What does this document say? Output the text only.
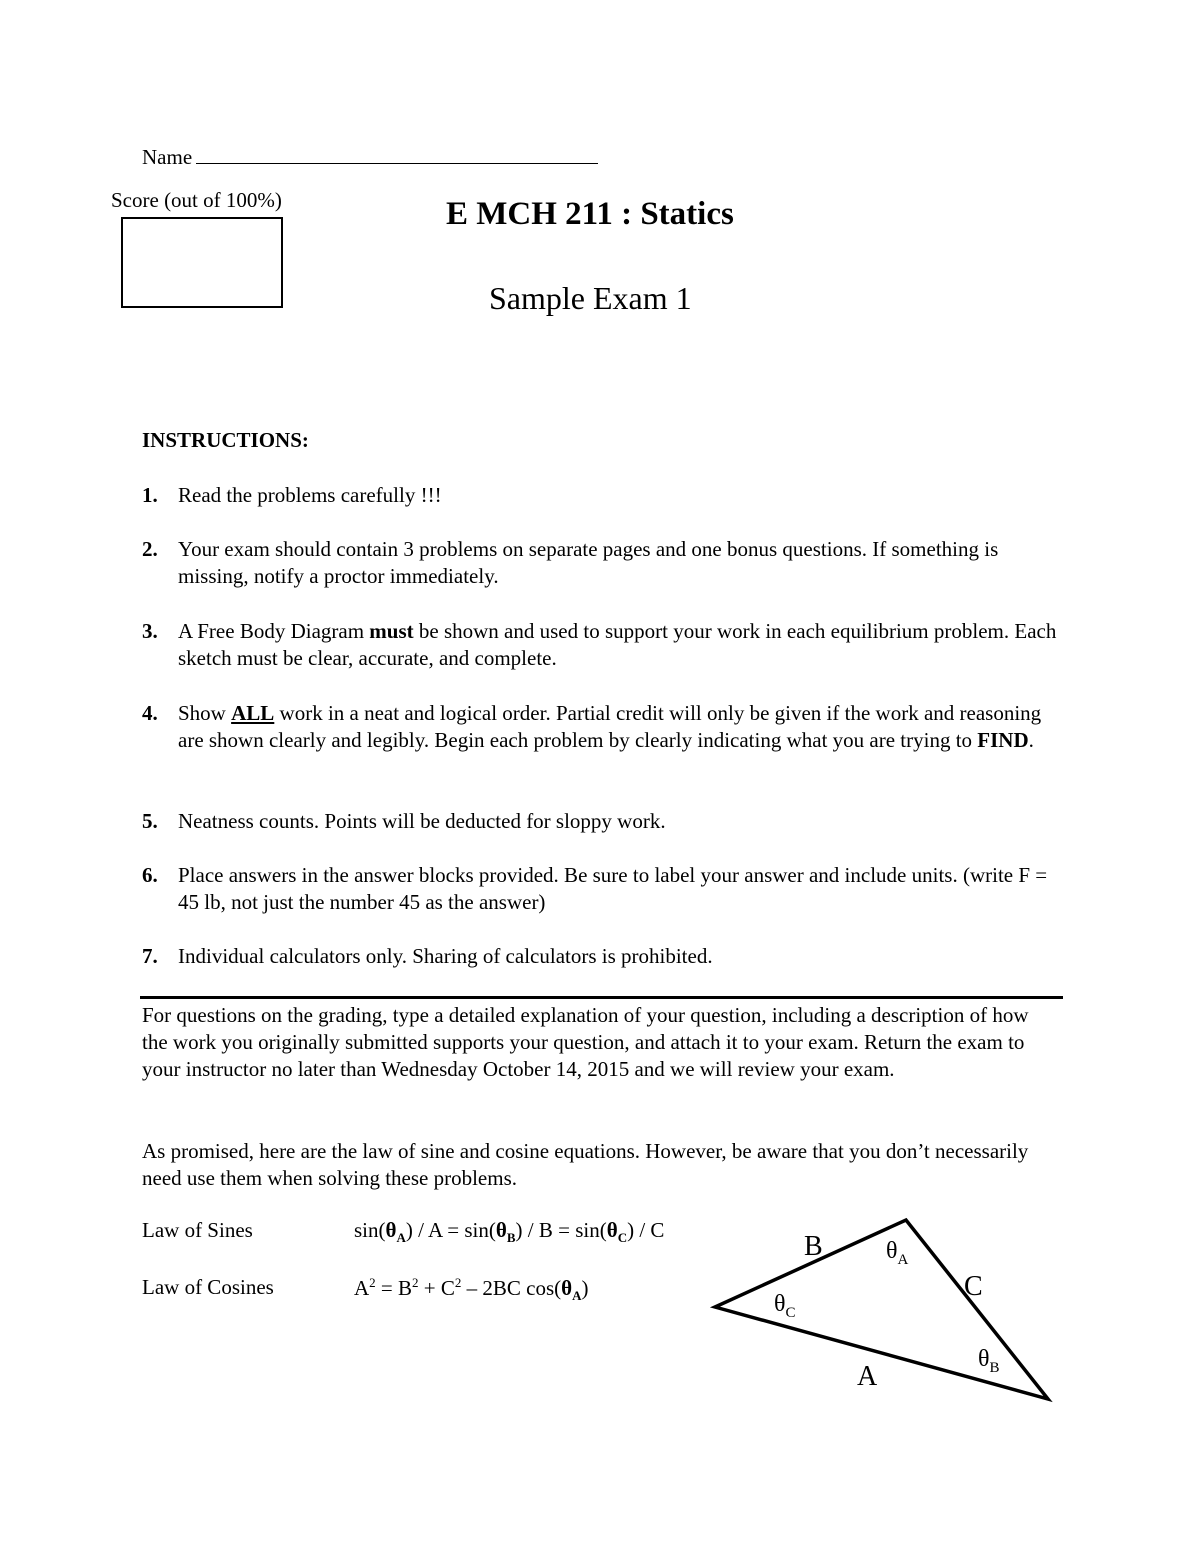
Name
Score (out of 100%)	E MCH 211 : Statics
Sample Exam 1
INSTRUCTIONS:
1. Read the problems carefully !!!
2. Your exam should contain 3 problems on separate pages and one bonus questions. If something is missing, notify a proctor immediately.
3. A Free Body Diagram must be shown and used to support your work in each equilibrium problem. Each sketch must be clear, accurate, and complete.
4. Show ALL work in a neat and logical order. Partial credit will only be given if the work and reasoning are shown clearly and legibly. Begin each problem by clearly indicating what you are trying to FIND.
5. Neatness counts. Points will be deducted for sloppy work.
6. Place answers in the answer blocks provided. Be sure to label your answer and include units. (write F = 45 lb, not just the number 45 as the answer)
7. Individual calculators only. Sharing of calculators is prohibited.
For questions on the grading, type a detailed explanation of your question, including a description of how the work you originally submitted supports your question, and attach it to your exam. Return the exam to your instructor no later than Wednesday October 14, 2015 and we will review your exam.
As promised, here are the law of sine and cosine equations. However, be aware that you don’t necessarily need use them when solving these problems.
Law of Sines	$\sin(\theta_A) / A = \sin(\theta_B) / B = \sin(\theta_C) / C$
Law of Cosines	$A^2 = B^2 + C^2 - 2BC$ $\cos(\theta_A)$
B
C
A
$\theta_A$
$\theta_C$
$\theta_B$
